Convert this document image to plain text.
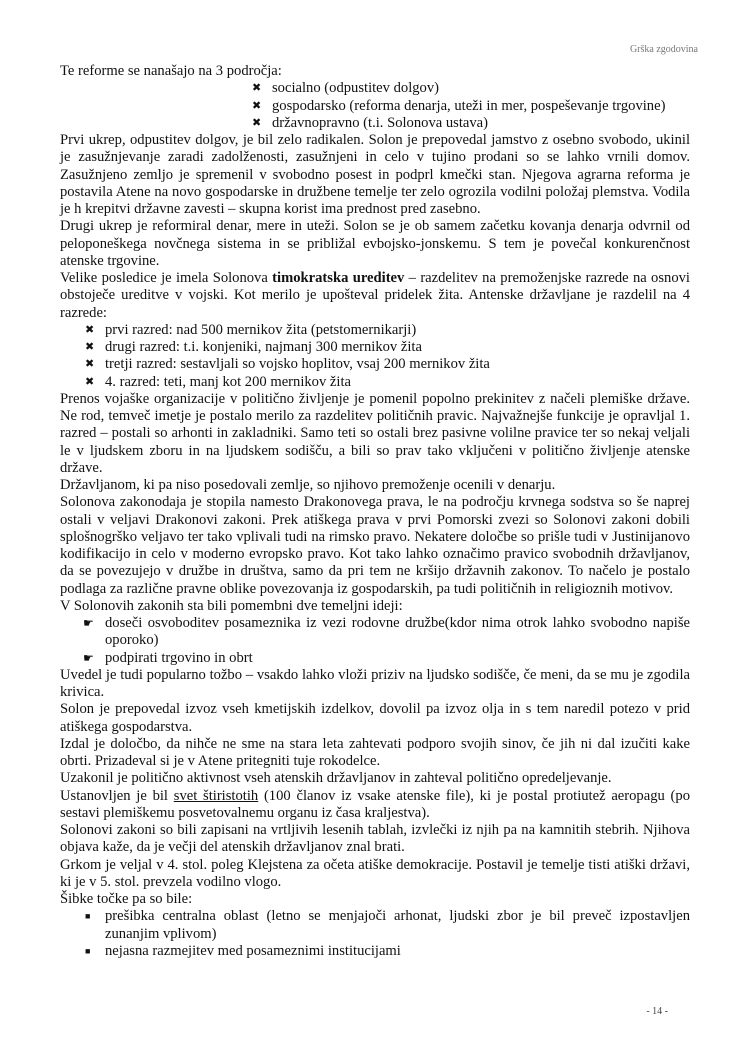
Grška zgodovina

Te reforme se nanašajo na 3 področja:

✖ socialno (odpustitev dolgov)
✖ gospodarsko (reforma denarja, uteži in mer, pospeševanje trgovine)
✖ državnopravno (t.i. Solonova ustava)

Prvi ukrep, odpustitev dolgov, je bil zelo radikalen. Solon je prepovedal jamstvo z osebno svobodo, ukinil je zasužnjevanje zaradi zadolženosti, zasužnjeni in celo v tujino prodani so se lahko vrnili domov. Zasužnjeno zemljo je spremenil v svobodno posest in podprl kmečki stan. Njegova agrarna reforma je postavila Atene na novo gospodarske in družbene temelje ter zelo ogrozila vodilni položaj plemstva. Vodila je h krepitvi državne zavesti – skupna korist ima prednost pred zasebno.

Drugi ukrep je reformiral denar, mere in uteži. Solon se je ob samem začetku kovanja denarja odvrnil od peloponeškega novčnega sistema in se približal evbojsko-jonskemu. S tem je povečal konkurenčnost atenske trgovine.

Velike posledice je imela Solonova timokratska ureditev – razdelitev na premoženjske razrede na osnovi obstoječe ureditve v vojski. Kot merilo je upošteval pridelek žita. Antenske državljane je razdelil na 4 razrede:

✖ prvi razred: nad 500 mernikov žita (petstomernikarji)
✖ drugi razred: t.i. konjeniki, najmanj 300 mernikov žita
✖ tretji razred: sestavljali so vojsko hoplitov, vsaj 200 mernikov žita
✖ 4. razred: teti, manj kot 200 mernikov žita

Prenos vojaške organizacije v politično življenje je pomenil popolno prekinitev z načeli plemiške države. Ne rod, temveč imetje je postalo merilo za razdelitev političnih pravic. Najvažnejše funkcije je opravljal 1. razred – postali so arhonti in zakladniki. Samo teti so ostali brez pasivne volilne pravice ter so nekaj veljali le v ljudskem zboru in na ljudskem sodišču, a bili so prav tako vključeni v politično življenje atenske države.

Državljanom, ki pa niso posedovali zemlje, so njihovo premoženje ocenili v denarju.

Solonova zakonodaja je stopila namesto Drakonovega prava, le na področju krvnega sodstva so še naprej ostali v veljavi Drakonovi zakoni. Prek atiškega prava v prvi Pomorski zvezi so Solonovi zakoni dobili splošnogrško veljavo ter tako vplivali tudi na rimsko pravo. Nekatere določbe so prišle tudi v Justinijanovo kodifikacijo in celo v moderno evropsko pravo. Kot tako lahko označimo pravico svobodnih državljanov, da se povezujejo v družbe in društva, samo da pri tem ne kršijo državnih zakonov. To načelo je postalo podlaga za različne pravne oblike povezovanja iz gospodarskih, pa tudi političnih in religioznih motivov.

V Solonovih zakonih sta bili pomembni dve temeljni ideji:

☛ doseči osvoboditev posameznika iz vezi rodovne družbe(kdor nima otrok lahko svobodno napiše oporoko)
☛ podpirati trgovino in obrt

Uvedel je tudi popularno tožbo – vsakdo lahko vloži priziv na ljudsko sodišče, če meni, da se mu je zgodila krivica.

Solon je prepovedal izvoz vseh kmetijskih izdelkov, dovolil pa izvoz olja in s tem naredil potezo v prid atiškega gospodarstva.

Izdal je določbo, da nihče ne sme na stara leta zahtevati podporo svojih sinov, če jih ni dal izučiti kake obrti. Prizadeval si je v Atene pritegniti tuje rokodelce.

Uzakonil je politično aktivnost vseh atenskih državljanov in zahteval politično opredeljevanje.

Ustanovljen je bil svet štiristotih (100 članov iz vsake atenske file), ki je postal protiutež aeropagu (po sestavi plemiškemu posvetovalnemu organu iz časa kraljestva).

Solonovi zakoni so bili zapisani na vrtljivih lesenih tablah, izvlečki iz njih pa na kamnitih stebrih. Njihova objava kaže, da je večji del atenskih državljanov znal brati.

Grkom je veljal v 4. stol. poleg Klejstena za očeta atiške demokracije. Postavil je temelje tisti atiški državi, ki je v 5. stol. prevzela vodilno vlogo.

Šibke točke pa so bile:

■ prešibka centralna oblast (letno se menjajoči arhonat, ljudski zbor je bil preveč izpostavljen zunanjim vplivom)
■ nejasna razmejitev med posameznimi institucijami
- 14 -
